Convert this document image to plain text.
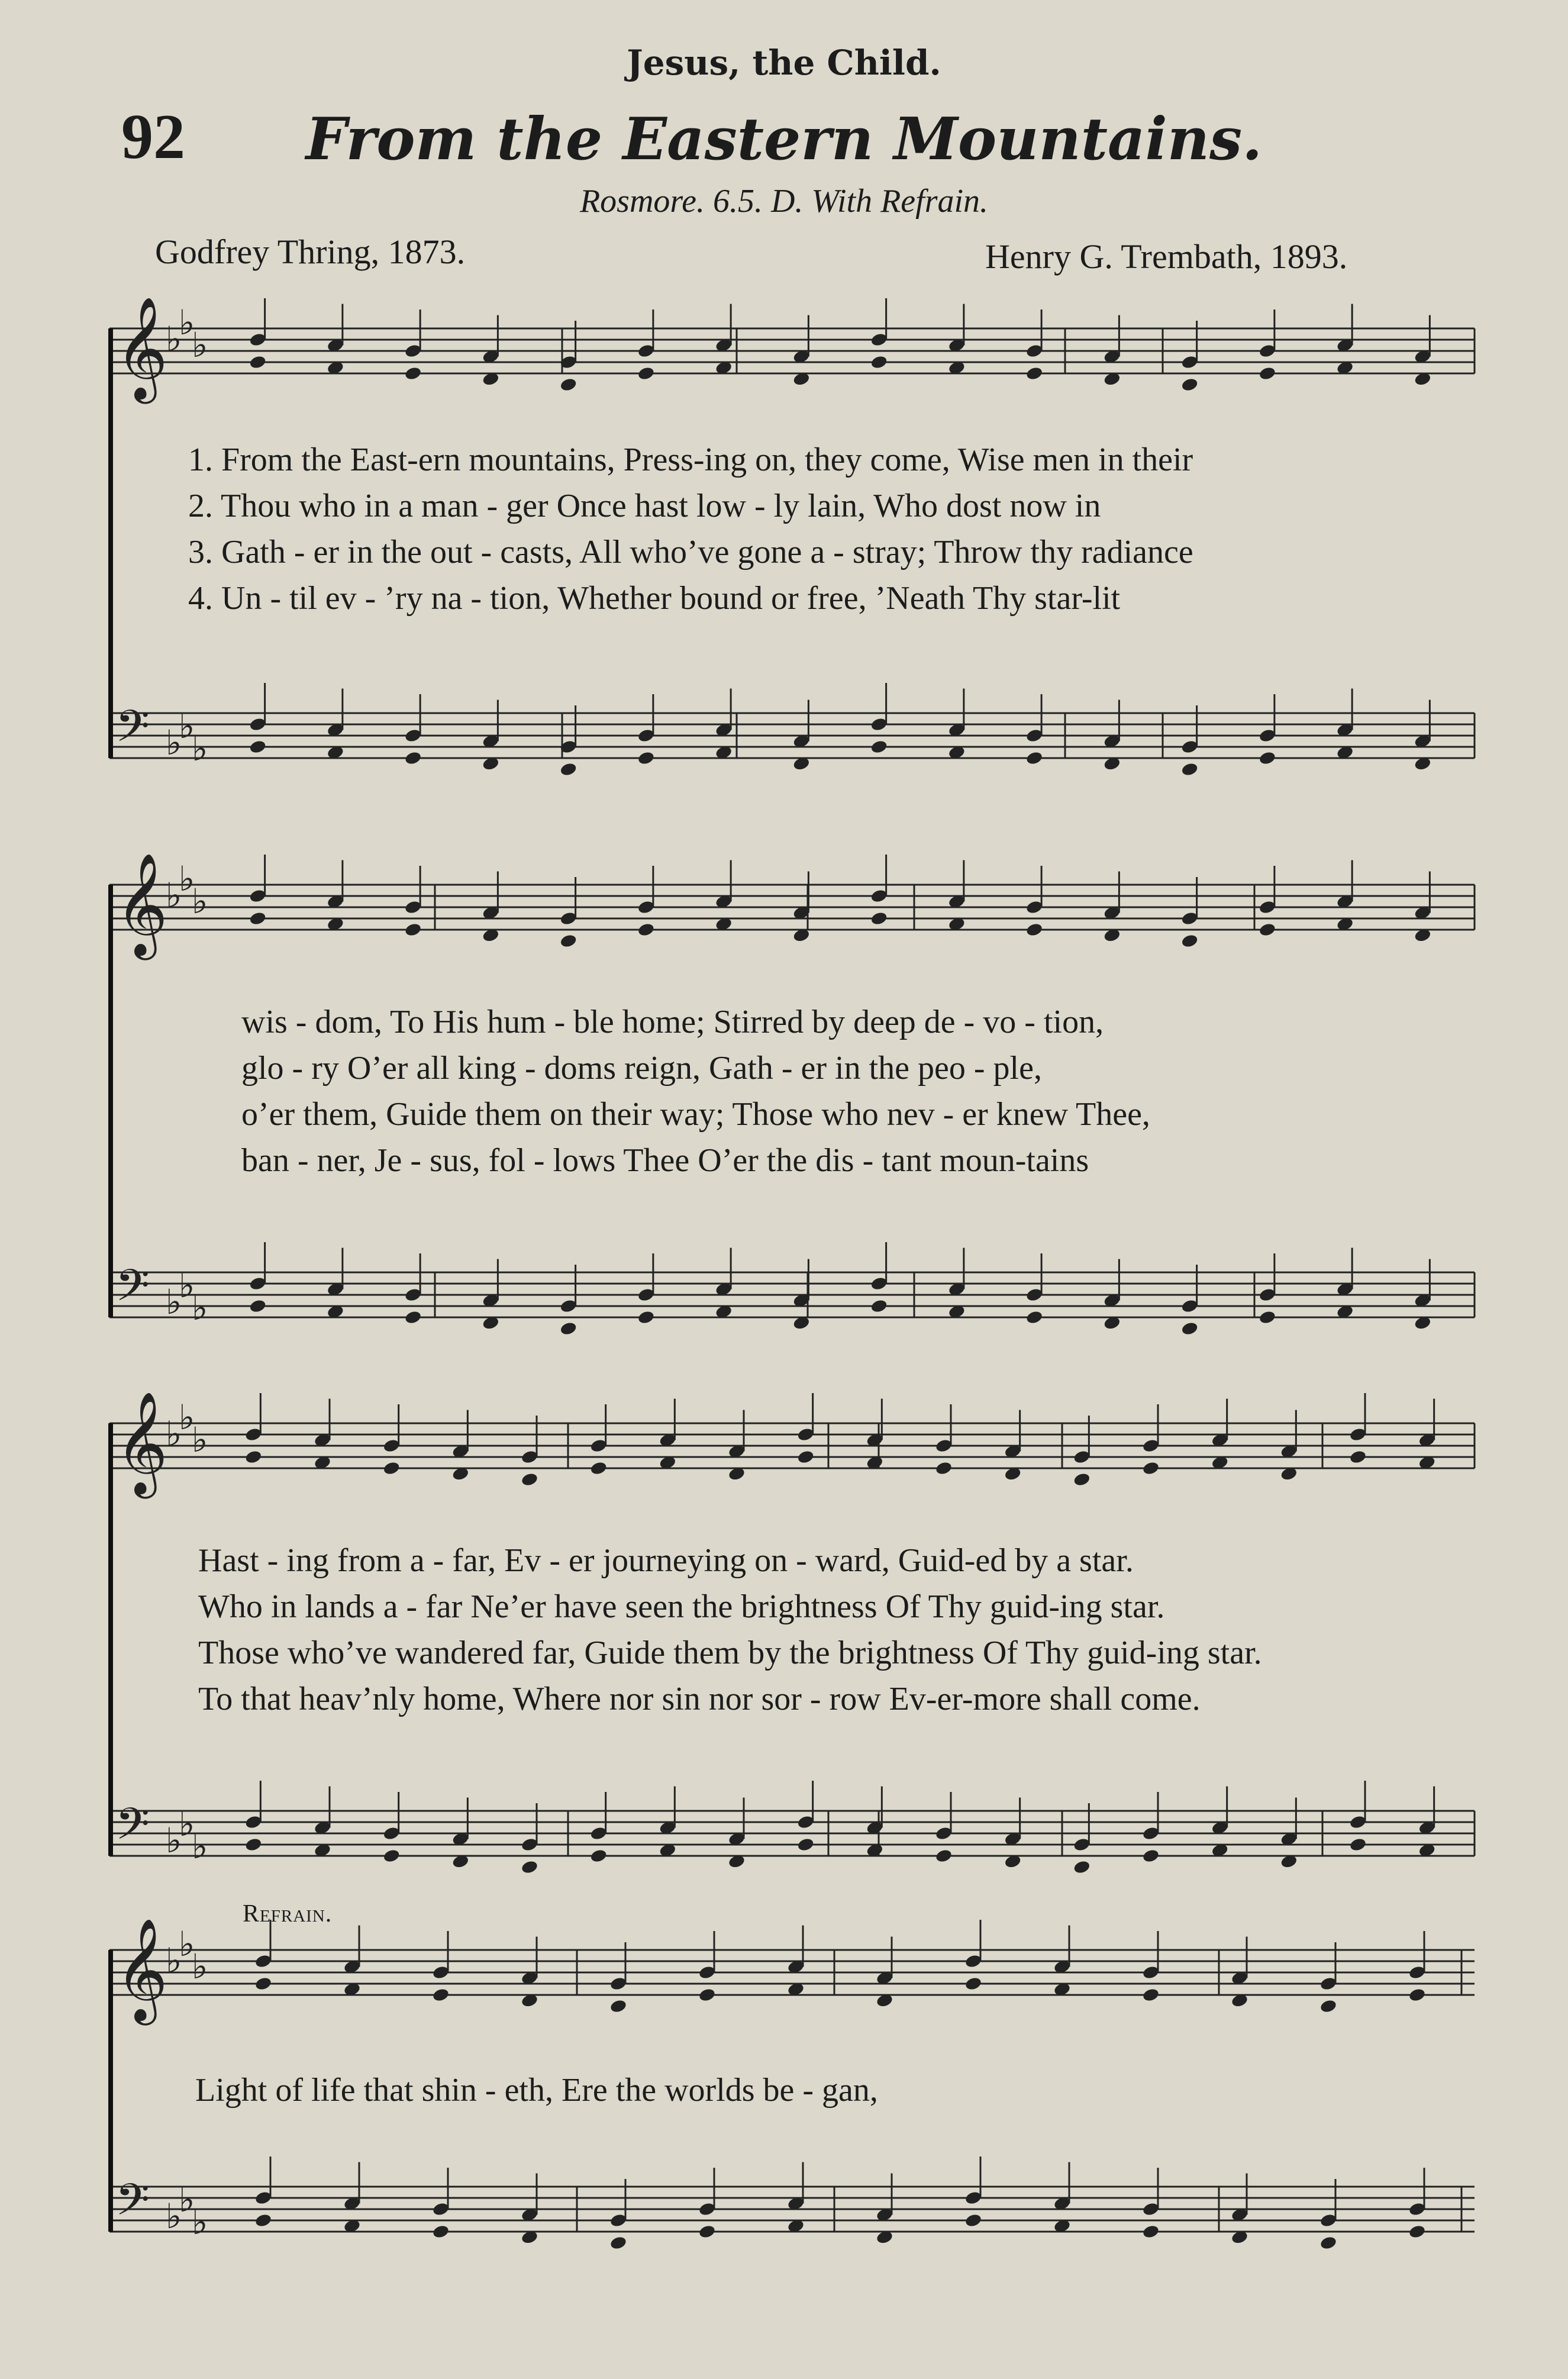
Jesus, the Child.
92	From the Eastern Mountains.
Rosmore. 6.5. D. With Refrain.
Godfrey Thring, 1873.	Henry G. Trembath, 1893.
𝄞
♭
♭
♭
𝄢 ♭
♭
♭
𝄞
♭
♭
♭
𝄢 ♭
♭
♭
𝄞
♭
♭
♭
𝄢 ♭
♭
♭
𝄞
♭
♭
♭
𝄢 ♭
♭
♭
1. From the East-ern mountains, Press-ing on, they come, Wise men in their
2. Thou who in a man - ger Once hast low - ly lain, Who dost now in
3. Gath - er in the out - casts, All who’ve gone a - stray; Throw thy radiance
4. Un - til ev - ’ry na - tion, Whether bound or free, ’Neath Thy star-lit
wis - dom, To His hum - ble home; Stirred by deep de - vo - tion,
glo - ry O’er all king - doms reign, Gath - er in the peo - ple,
o’er them, Guide them on their way; Those who nev - er knew Thee,
ban - ner, Je - sus, fol - lows Thee O’er the dis - tant moun-tains
Hast - ing from a - far, Ev - er journeying on - ward, Guid-ed by a star.
Who in lands a - far Ne’er have seen the brightness Of Thy guid-ing star.
Those who’ve wandered far, Guide them by the brightness Of Thy guid-ing star.
To that heav’nly home, Where nor sin nor sor - row Ev-er-more shall come.
Refrain.
Light of life that shin - eth, Ere the worlds be - gan,
